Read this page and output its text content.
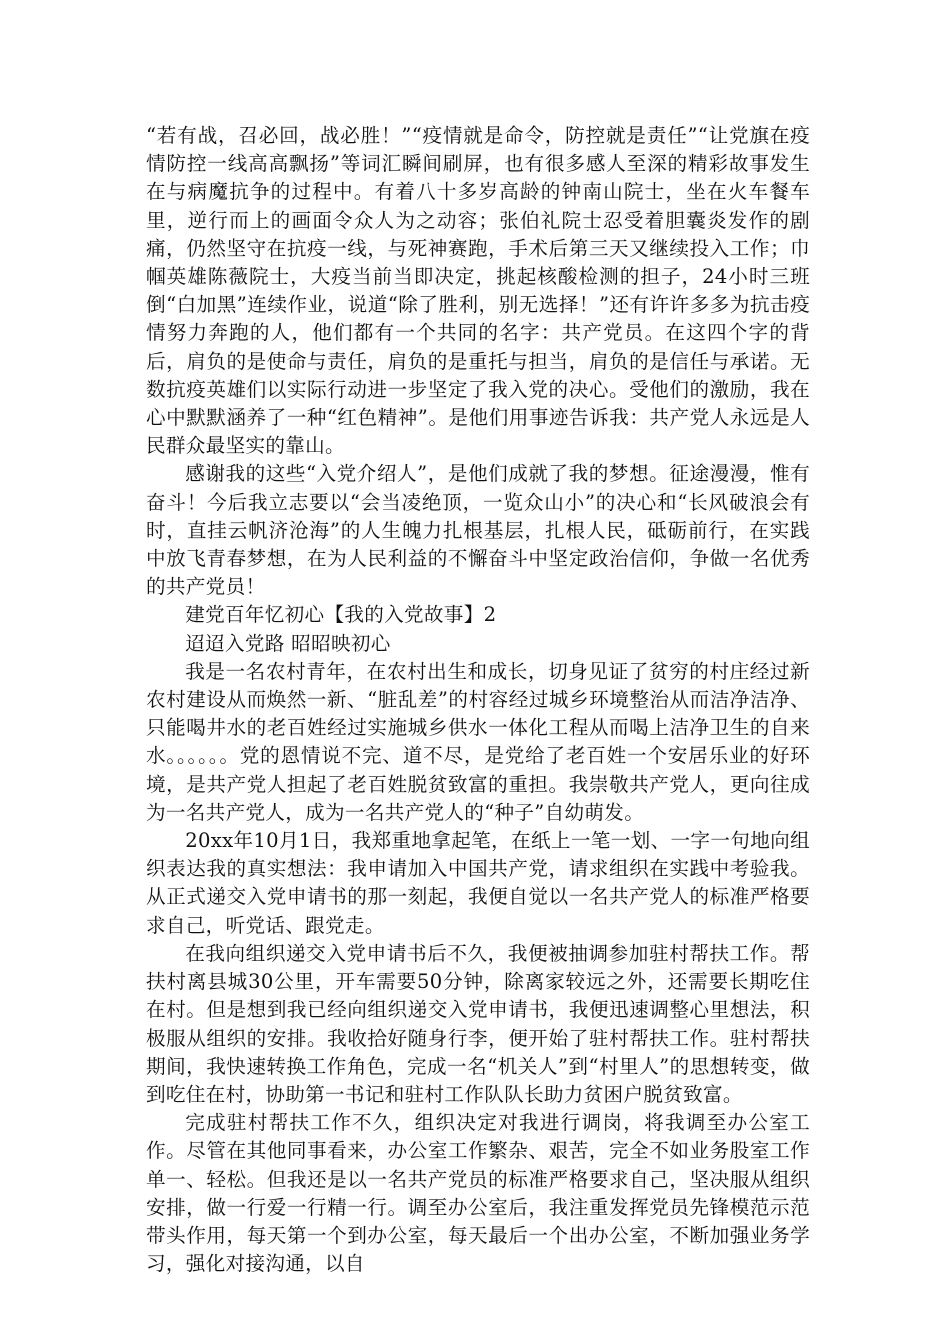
“若有战，召必回，战必胜！”“疫情就是命令，防控就是责任”“让党旗在疫情防控一线高高飘扬”等词汇瞬间刷屏，也有很多感人至深的精彩故事发生在与病魔抗争的过程中。有着八十多岁高龄的钟南山院士，坐在火车餐车里，逆行而上的画面令众人为之动容；张伯礼院士忍受着胆囊炎发作的剧痛，仍然坚守在抗疫一线，与死神赛跑，手术后第三天又继续投入工作；巾帼英雄陈薇院士，大疫当前当即决定，挑起核酸检测的担子，24小时三班倒“白加黑”连续作业，说道“除了胜利，别无选择！”还有许许多多为抗击疫情努力奔跑的人，他们都有一个共同的名字：共产党员。在这四个字的背后，肩负的是使命与责任，肩负的是重托与担当，肩负的是信任与承诺。无数抗疫英雄们以实际行动进一步坚定了我入党的决心。受他们的激励，我在心中默默涵养了一种“红色精神”。是他们用事迹告诉我：共产党人永远是人民群众最坚实的靠山。

感谢我的这些“入党介绍人”，是他们成就了我的梦想。征途漫漫，惟有奋斗！今后我立志要以“会当凌绝顶，一览众山小”的决心和“长风破浪会有时，直挂云帆济沧海”的人生魄力扎根基层，扎根人民，砥砺前行，在实践中放飞青春梦想，在为人民利益的不懈奋斗中坚定政治信仰，争做一名优秀的共产党员！

建党百年忆初心【我的入党故事】2

迢迢入党路 昭昭映初心

我是一名农村青年，在农村出生和成长，切身见证了贫穷的村庄经过新农村建设从而焕然一新、“脏乱差”的村容经过城乡环境整治从而洁净洁净、只能喝井水的老百姓经过实施城乡供水一体化工程从而喝上洁净卫生的自来水。。。。。。党的恩情说不完、道不尽，是党给了老百姓一个安居乐业的好环境，是共产党人担起了老百姓脱贫致富的重担。我崇敬共产党人，更向往成为一名共产党人，成为一名共产党人的“种子”自幼萌发。

20xx年10月1日，我郑重地拿起笔，在纸上一笔一划、一字一句地向组织表达我的真实想法：我申请加入中国共产党，请求组织在实践中考验我。从正式递交入党申请书的那一刻起，我便自觉以一名共产党人的标准严格要求自己，听党话、跟党走。

在我向组织递交入党申请书后不久，我便被抽调参加驻村帮扶工作。帮扶村离县城30公里，开车需要50分钟，除离家较远之外，还需要长期吃住在村。但是想到我已经向组织递交入党申请书，我便迅速调整心里想法，积极服从组织的安排。我收拾好随身行李，便开始了驻村帮扶工作。驻村帮扶期间，我快速转换工作角色，完成一名“机关人”到“村里人”的思想转变，做到吃住在村，协助第一书记和驻村工作队队长助力贫困户脱贫致富。

完成驻村帮扶工作不久，组织决定对我进行调岗，将我调至办公室工作。尽管在其他同事看来，办公室工作繁杂、艰苦，完全不如业务股室工作单一、轻松。但我还是以一名共产党员的标准严格要求自己，坚决服从组织安排，做一行爱一行精一行。调至办公室后，我注重发挥党员先锋模范示范带头作用，每天第一个到办公室，每天最后一个出办公室，不断加强业务学习，强化对接沟通，以自
